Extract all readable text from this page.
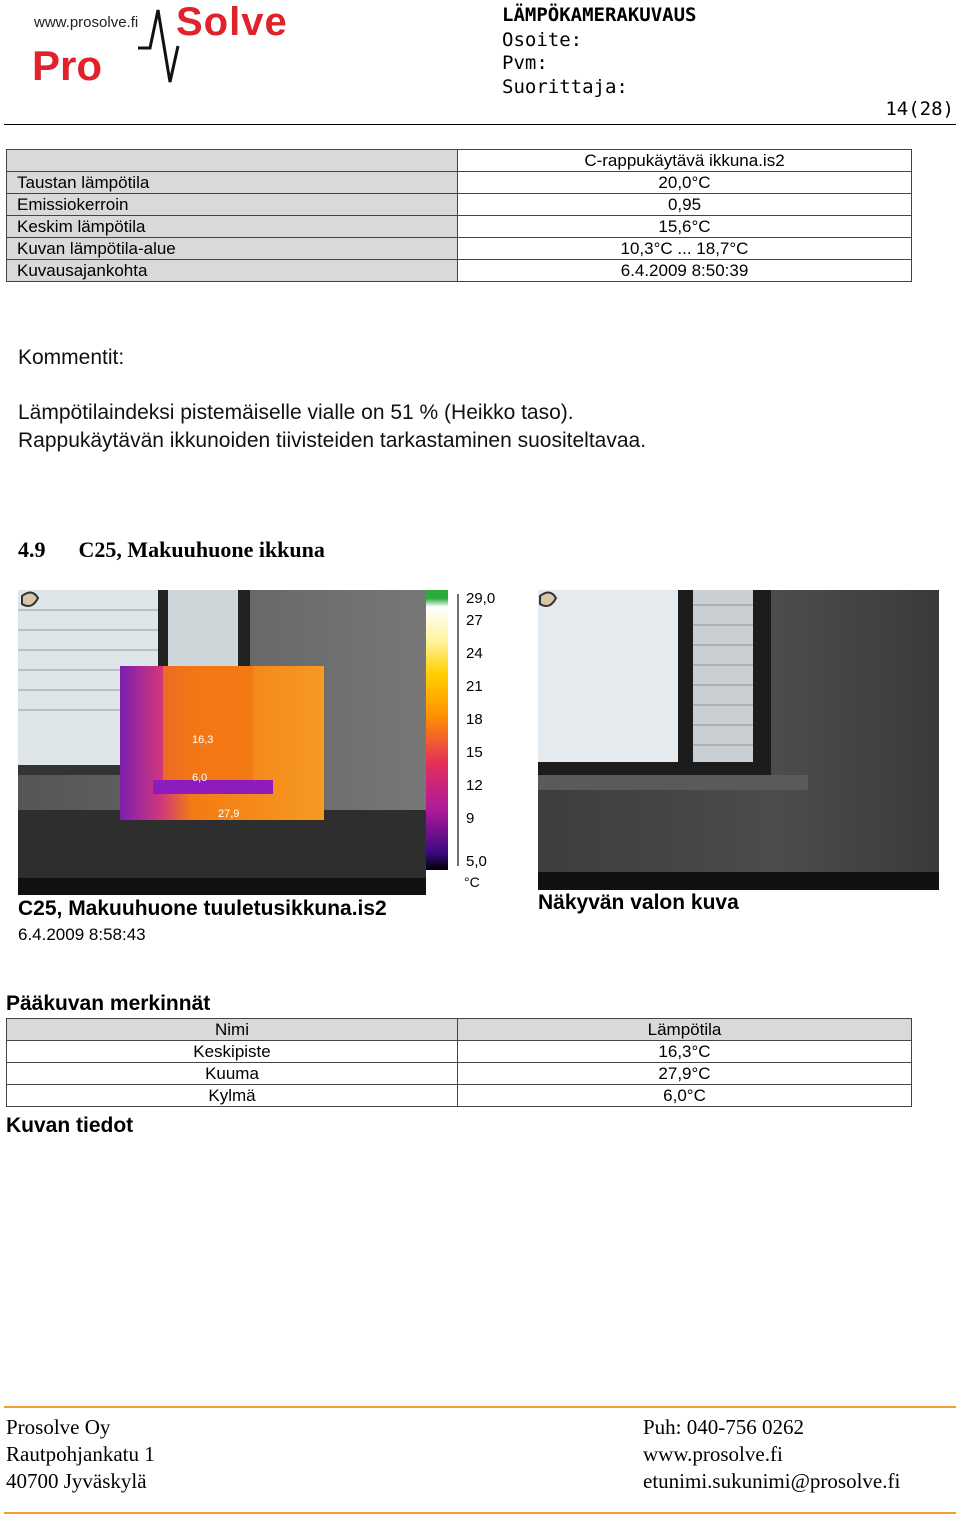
www.prosolve.fi Solve
Pro
LÄMPÖKAMERAKUVAUS
Osoite:
Pvm:
Suorittaja:
14(28)
	C-rappukäytävä ikkuna.is2
Taustan lämpötila	20,0°C
Emissiokerroin	0,95
Keskim lämpötila	15,6°C
Kuvan lämpötila-alue	10,3°C ... 18,7°C
Kuvausajankohta	6.4.2009 8:50:39
Kommentit:
Lämpötilaindeksi pistemäiselle vialle on 51 % (Heikko taso).
Rappukäytävän ikkunoiden tiivisteiden tarkastaminen suositeltavaa.
4.9 C25, Makuuhuone ikkuna
16,3
6,0
27,9
29,0
27
24
21
18
15
12
9
5,0
°C
C25, Makuuhuone tuuletusikkuna.is2
6.4.2009 8:58:43
Näkyvän valon kuva
Pääkuvan merkinnät
Nimi	Lämpötila
Keskipiste	16,3°C
Kuuma	27,9°C
Kylmä	6,0°C
Kuvan tiedot
Prosolve Oy
Rautpohjankatu 1
40700 Jyväskylä
Puh: 040-756 0262
www.prosolve.fi
etunimi.sukunimi@prosolve.fi
